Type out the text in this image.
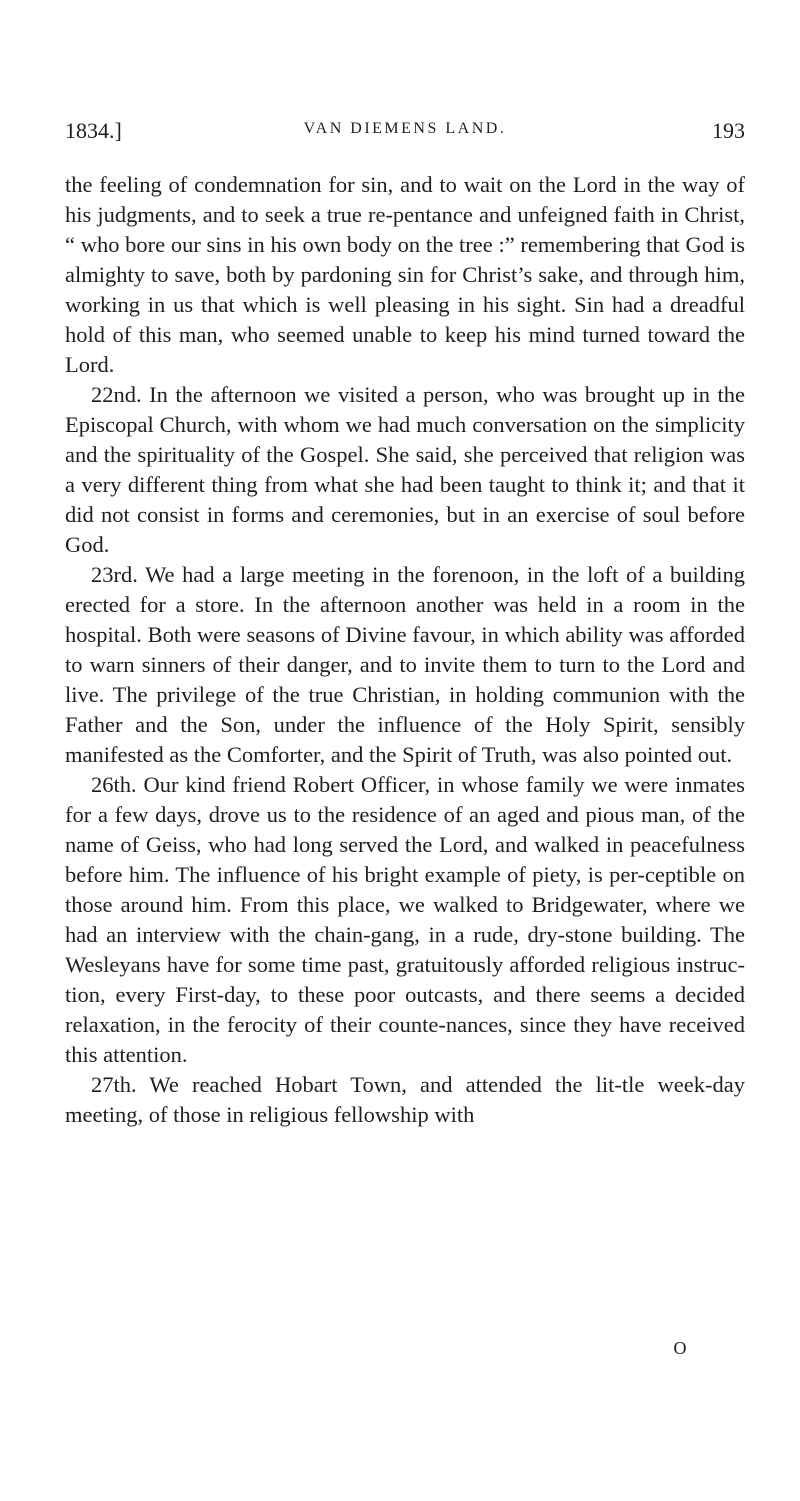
1834.]	VAN DIEMENS LAND.	193

the feeling of condemnation for sin, and to wait on the Lord in the way of his judgments, and to seek a true re-pentance and unfeigned faith in Christ, “ who bore our sins in his own body on the tree :” remembering that God is almighty to save, both by pardoning sin for Christ’s sake, and through him, working in us that which is well pleasing in his sight. Sin had a dreadful hold of this man, who seemed unable to keep his mind turned toward the Lord.

22nd. In the afternoon we visited a person, who was brought up in the Episcopal Church, with whom we had much conversation on the simplicity and the spirituality of the Gospel. She said, she perceived that religion was a very different thing from what she had been taught to think it; and that it did not consist in forms and ceremonies, but in an exercise of soul before God.

23rd. We had a large meeting in the forenoon, in the loft of a building erected for a store. In the afternoon another was held in a room in the hospital. Both were seasons of Divine favour, in which ability was afforded to warn sinners of their danger, and to invite them to turn to the Lord and live. The privilege of the true Christian, in holding communion with the Father and the Son, under the influence of the Holy Spirit, sensibly manifested as the Comforter, and the Spirit of Truth, was also pointed out.

26th. Our kind friend Robert Officer, in whose family we were inmates for a few days, drove us to the residence of an aged and pious man, of the name of Geiss, who had long served the Lord, and walked in peacefulness before him. The influence of his bright example of piety, is per-ceptible on those around him. From this place, we walked to Bridgewater, where we had an interview with the chain-gang, in a rude, dry-stone building. The Wesleyans have for some time past, gratuitously afforded religious instruc-tion, every First-day, to these poor outcasts, and there seems a decided relaxation, in the ferocity of their counte-nances, since they have received this attention.

27th. We reached Hobart Town, and attended the lit-tle week-day meeting, of those in religious fellowship with

O
